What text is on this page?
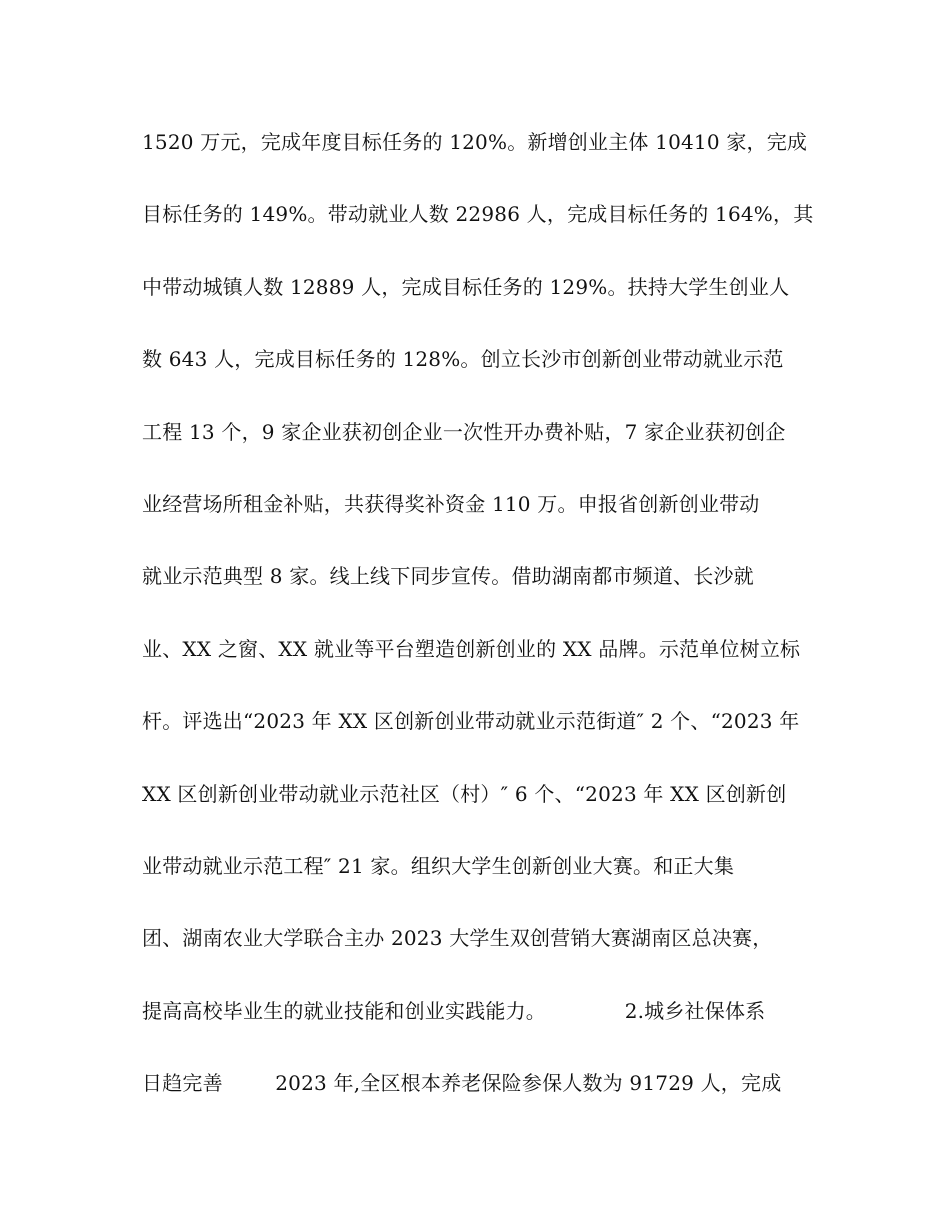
1520 万元，完成年度目标任务的 120%。新增创业主体 10410 家，完成
目标任务的 149%。带动就业人数 22986 人，完成目标任务的 164%，其
中带动城镇人数 12889 人，完成目标任务的 129%。扶持大学生创业人
数 643 人，完成目标任务的 128%。创立长沙市创新创业带动就业示范
工程 13 个，9 家企业获初创企业一次性开办费补贴，7 家企业获初创企
业经营场所租金补贴，共获得奖补资金 110 万。申报省创新创业带动
就业示范典型 8 家。线上线下同步宣传。借助湖南都市频道、长沙就
业、XX 之窗、XX 就业等平台塑造创新创业的 XX 品牌。示范单位树立标
杆。评选出“2023 年 XX 区创新创业带动就业示范街道″ 2 个、“2023 年
XX 区创新创业带动就业示范社区（村）″ 6 个、“2023 年 XX 区创新创
业带动就业示范工程″ 21 家。组织大学生创新创业大赛。和正大集
团、湖南农业大学联合主办 2023 大学生双创营销大赛湖南区总决赛，
提高高校毕业生的就业技能和创业实践能力。            2.城乡社保体系
日趋完善        2023 年,全区根本养老保险参保人数为 91729 人，完成
